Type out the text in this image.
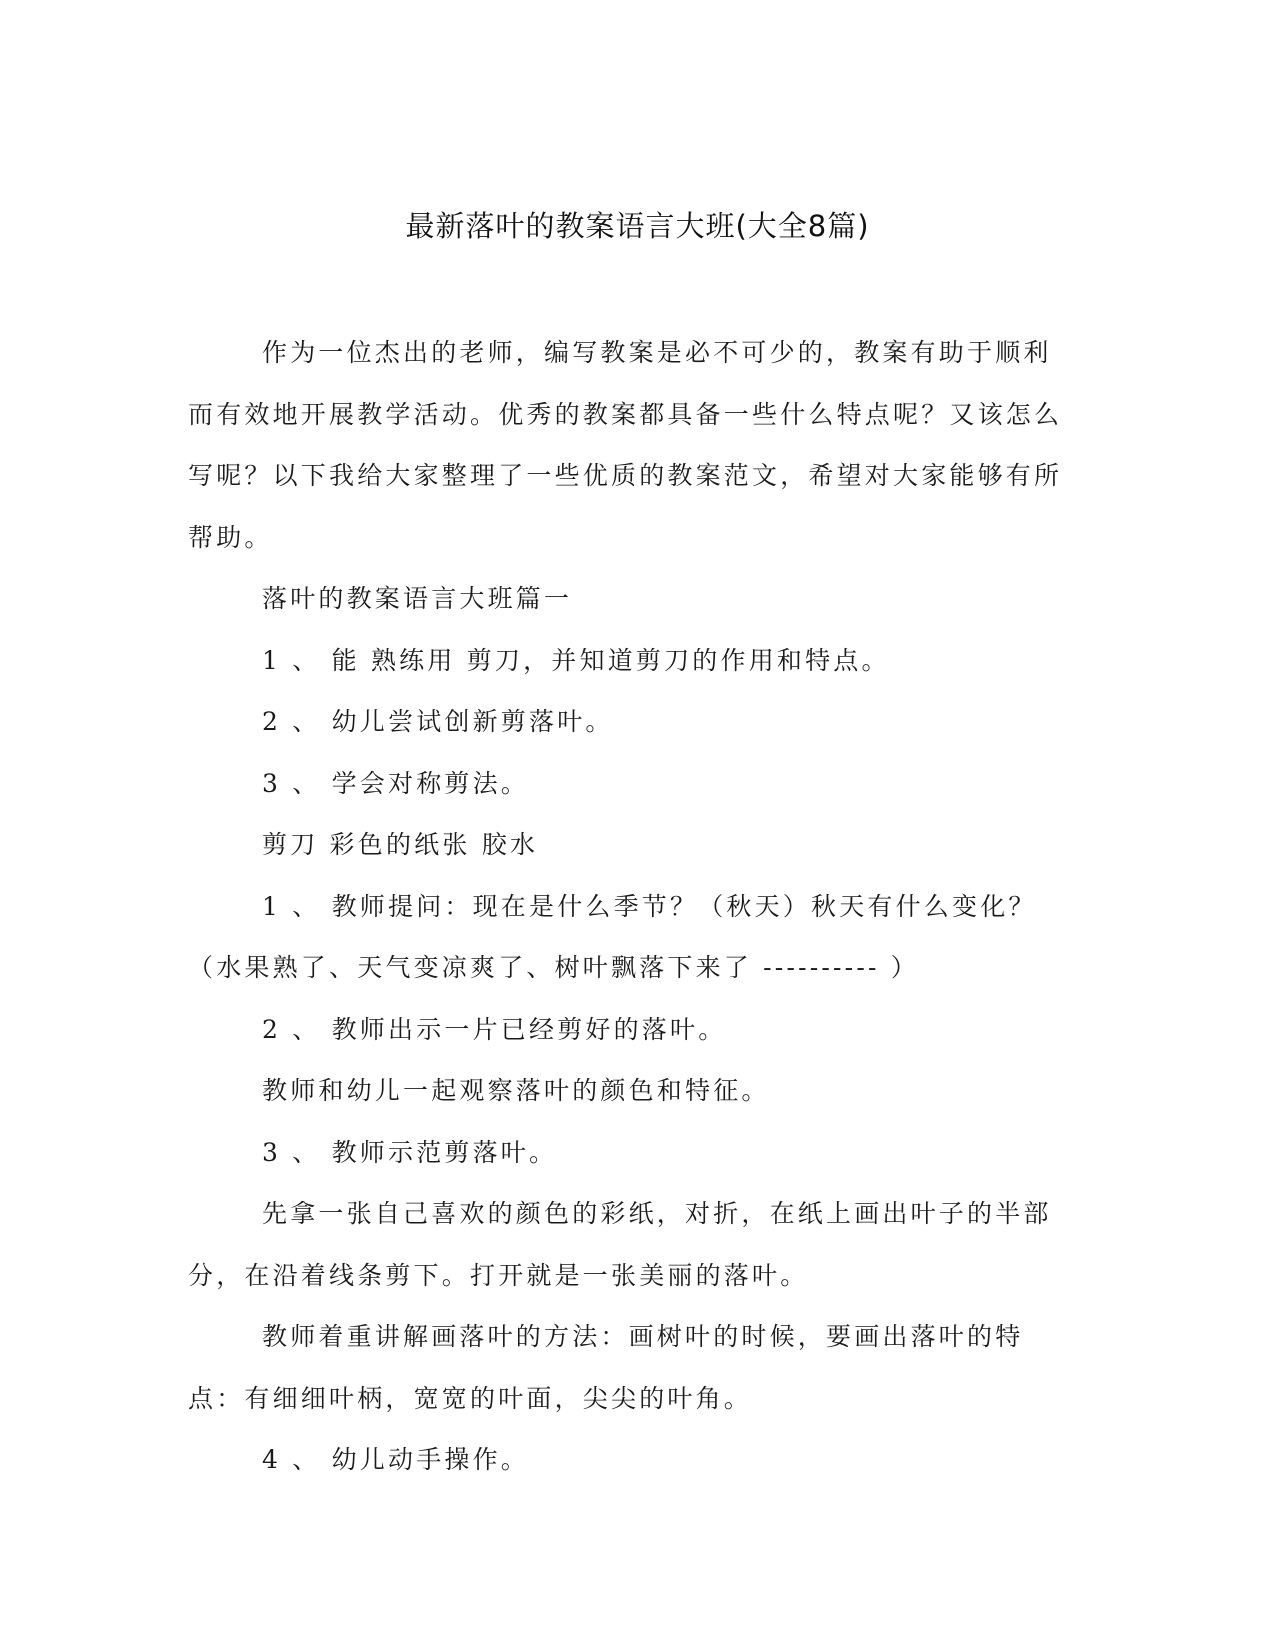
最新落叶的教案语言大班(大全8篇)

作为一位杰出的老师，编写教案是必不可少的，教案有助于顺利而有效地开展教学活动。优秀的教案都具备一些什么特点呢？又该怎么写呢？以下我给大家整理了一些优质的教案范文，希望对大家能够有所帮助。

落叶的教案语言大班篇一

1 、 能 熟练用 剪刀，并知道剪刀的作用和特点。

2 、 幼儿尝试创新剪落叶。

3 、 学会对称剪法。

剪刀 彩色的纸张 胶水

1 、 教师提问：现在是什么季节？（秋天）秋天有什么变化？（水果熟了、天气变凉爽了、树叶飘落下来了 ---------- ）

2 、 教师出示一片已经剪好的落叶。

教师和幼儿一起观察落叶的颜色和特征。

3 、 教师示范剪落叶。

先拿一张自己喜欢的颜色的彩纸，对折，在纸上画出叶子的半部分，在沿着线条剪下。打开就是一张美丽的落叶。

教师着重讲解画落叶的方法：画树叶的时候，要画出落叶的特点：有细细叶柄，宽宽的叶面，尖尖的叶角。

4 、 幼儿动手操作。
